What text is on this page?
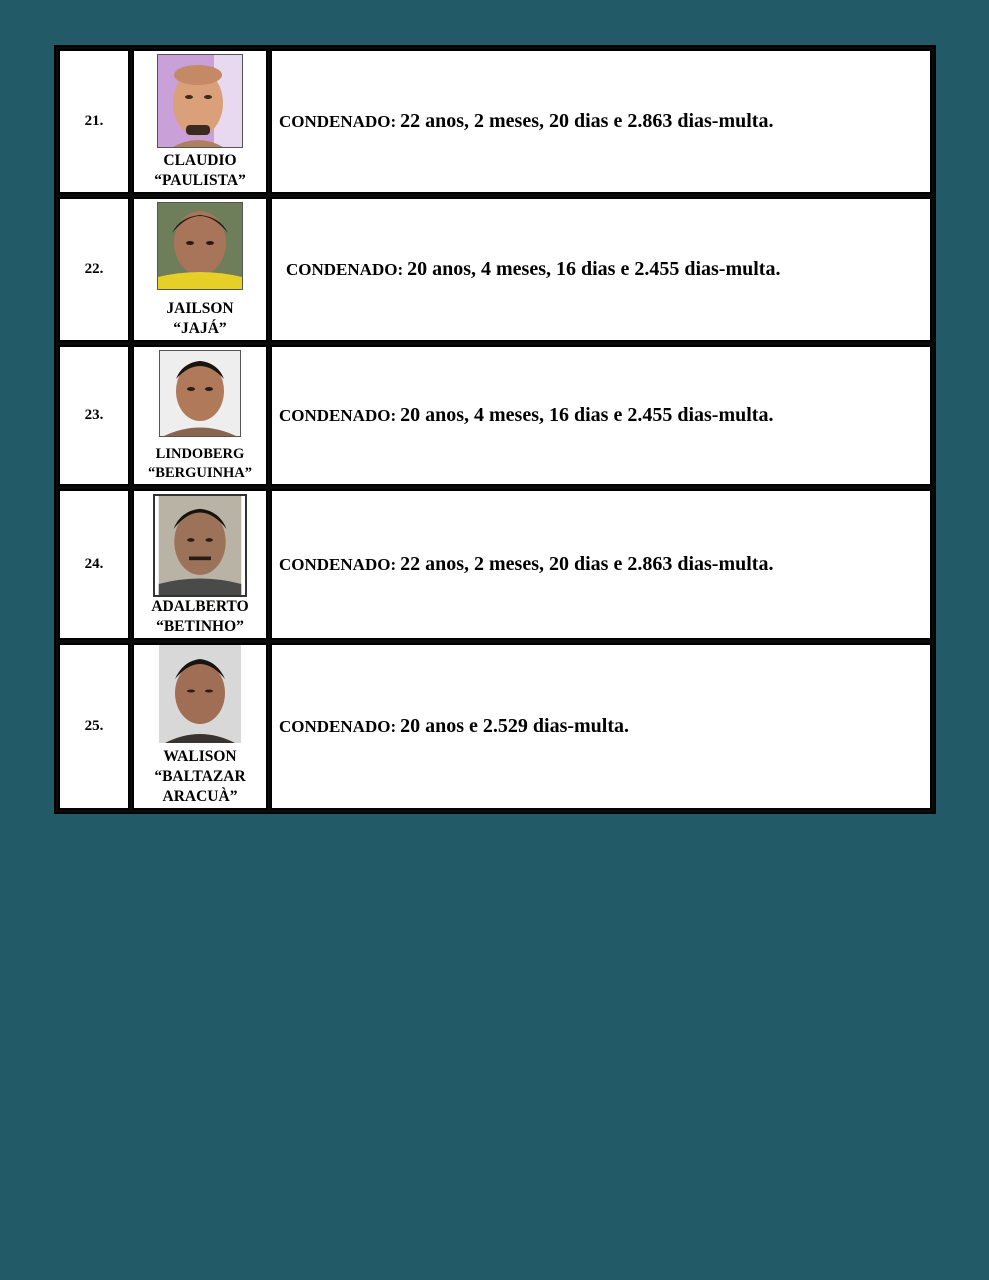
21.
CLAUDIO
“PAULISTA”
CONDENADO:
22 anos, 2 meses, 20 dias e 2.863 dias-multa.
22.
JAILSON
“JAJÁ”
CONDENADO:
20 anos, 4 meses, 16 dias e 2.455 dias-multa.
23.
LINDOBERG
“BERGUINHA”
CONDENADO:
20 anos, 4 meses, 16 dias e 2.455 dias-multa.
24.
ADALBERTO
“BETINHO”
CONDENADO:
22 anos, 2 meses, 20 dias e 2.863 dias-multa.
25.
WALISON
“BALTAZAR
ARACUÀ”
CONDENADO:
20 anos e 2.529 dias-multa.
